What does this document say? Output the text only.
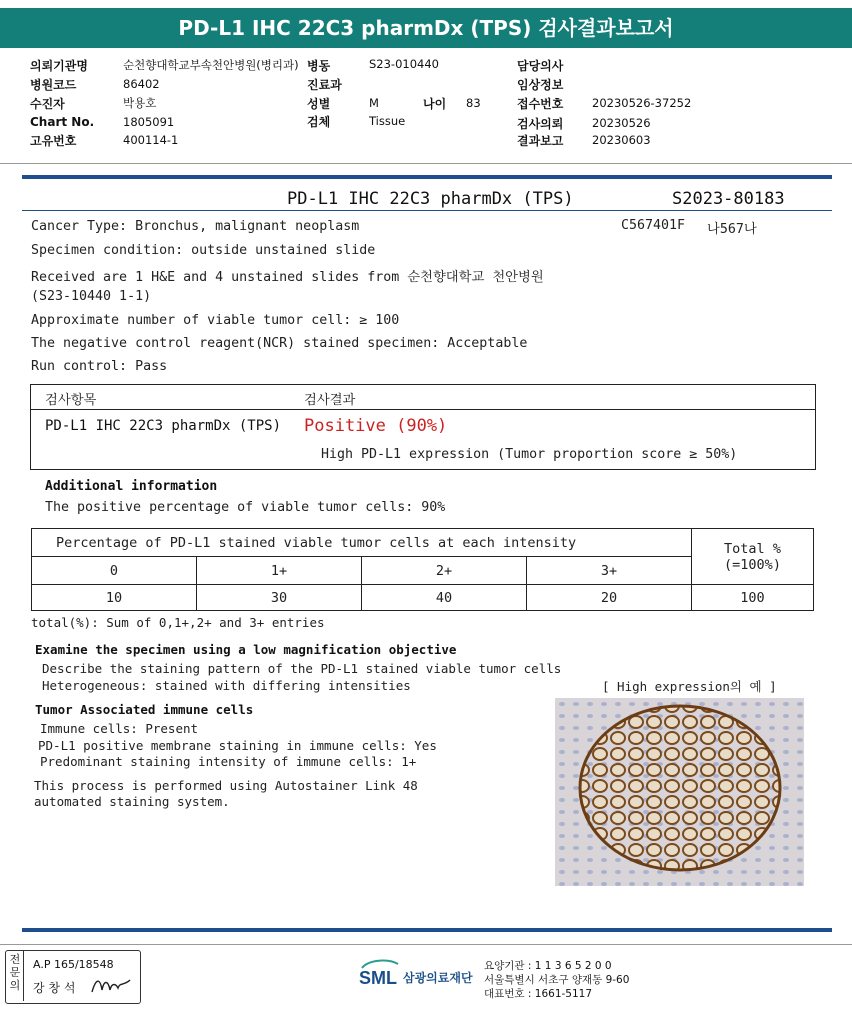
PD-L1 IHC 22C3 pharmDx (TPS) 검사결과보고서
의뢰기관명	순천향대학교부속천안병원(병리과)
병원코드	86402
수진자	박용호
Chart No.	1805091
고유번호	400114-1
병동	S23-010440
진료과
성별	M	나이 83
검체	Tissue
담당의사
임상정보
접수번호 20230526-37252
검사의뢰 20230526
결과보고 20230603
PD-L1 IHC 22C3 pharmDx (TPS)	S2023-80183
C567401F 나567나
Cancer Type: Bronchus, malignant neoplasm
Specimen condition: outside unstained slide
Received are 1 H&E and 4 unstained slides from 순천향대학교 천안병원
(S23-10440 1-1)
Approximate number of viable tumor cell: ≥ 100
The negative control reagent(NCR) stained specimen: Acceptable
Run control: Pass
검사항목	검사결과
PD-L1 IHC 22C3 pharmDx (TPS) Positive (90%)
High PD-L1 expression (Tumor proportion score ≥ 50%)
Additional information
The positive percentage of viable tumor cells: 90%
Percentage of PD-L1 stained viable tumor cells at each intensity				Total %
(=100%)

0	1+	2+	3+	
10	30	40	20	100
total(%): Sum of 0,1+,2+ and 3+ entries
Examine the specimen using a low magnification objective
Describe the staining pattern of the PD-L1 stained viable tumor cells
Heterogeneous: stained with differing intensities	[ High expression의 예 ]
Tumor Associated immune cells
Immune cells: Present
PD-L1 positive membrane staining in immune cells: Yes
Predominant staining intensity of immune cells: 1+
This process is performed using Autostainer Link 48
automated staining system.
전
문
의
A.P 165/18548
강 창 석	SML 삼광의료재단
요양기관 : 1 1 3 6 5 2 0 0
서울특별시 서초구 양재동 9-60
대표번호 : 1661-5117
